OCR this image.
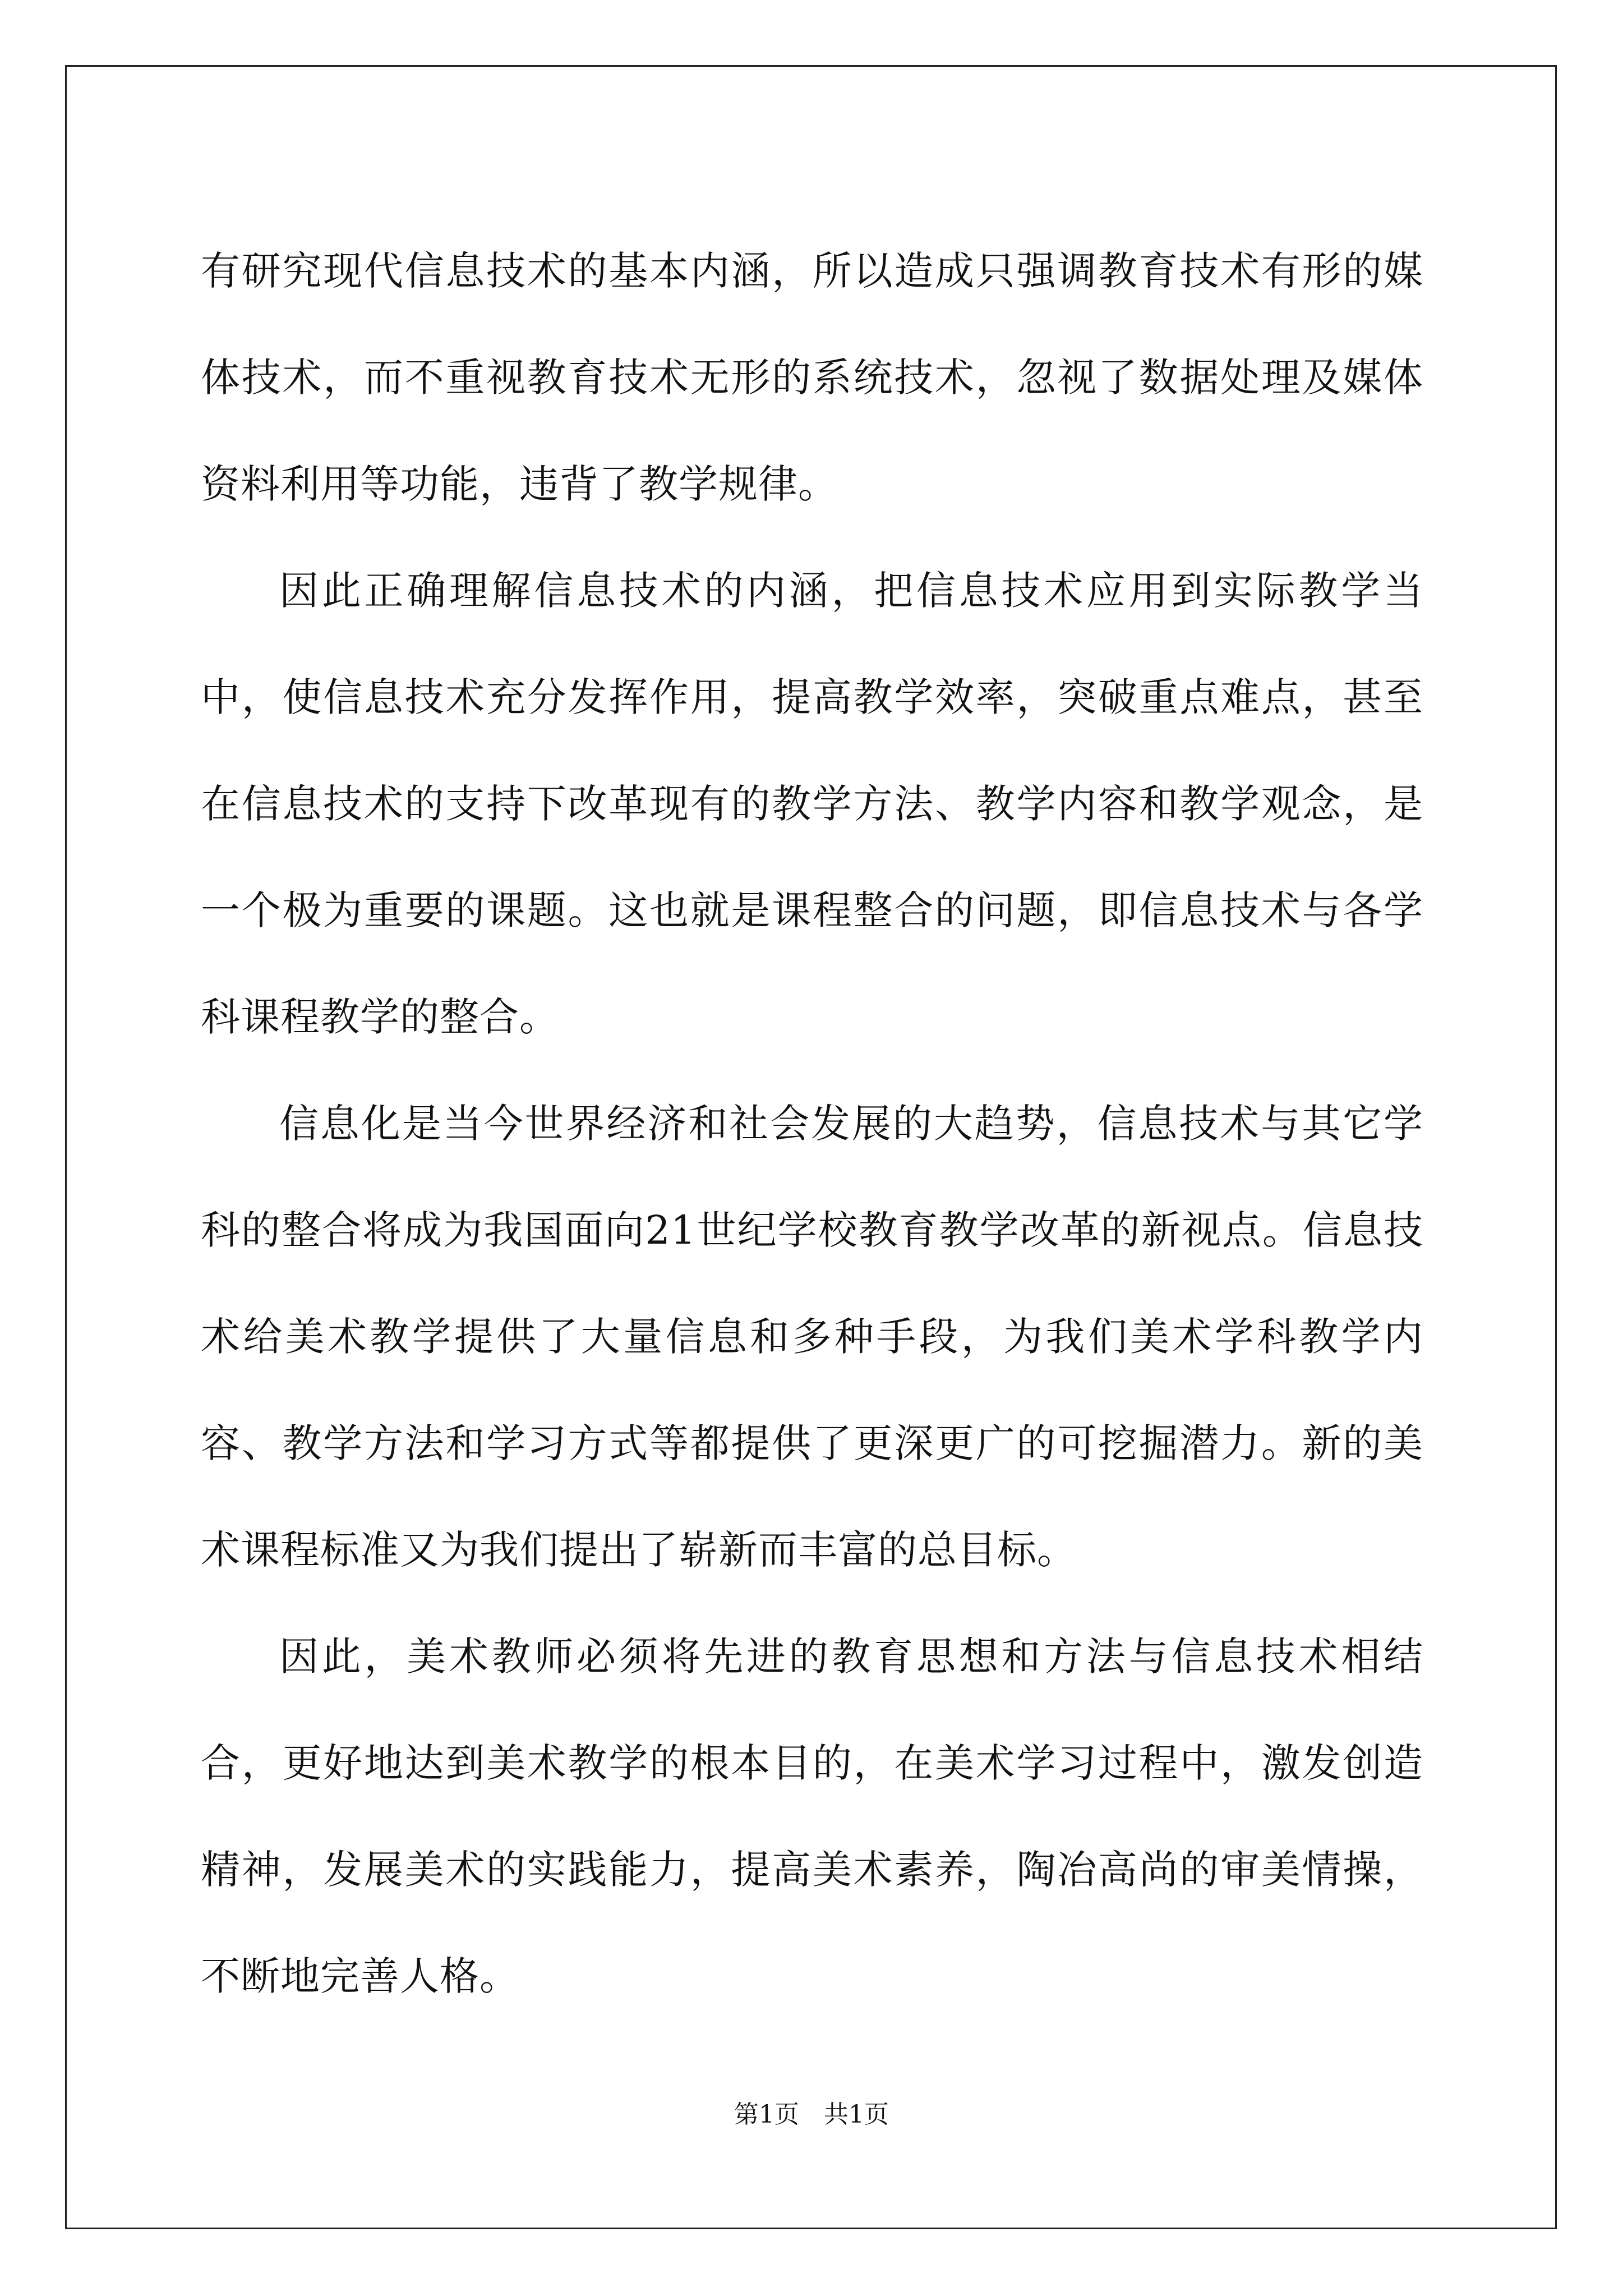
有研究现代信息技术的基本内涵，所以造成只强调教育技术有形的媒体技术，而不重视教育技术无形的系统技术，忽视了数据处理及媒体资料利用等功能，违背了教学规律。

因此正确理解信息技术的内涵，把信息技术应用到实际教学当中，使信息技术充分发挥作用，提高教学效率，突破重点难点，甚至在信息技术的支持下改革现有的教学方法、教学内容和教学观念，是一个极为重要的课题。这也就是课程整合的问题，即信息技术与各学科课程教学的整合。

信息化是当今世界经济和社会发展的大趋势，信息技术与其它学科的整合将成为我国面向21世纪学校教育教学改革的新视点。信息技术给美术教学提供了大量信息和多种手段，为我们美术学科教学内容、教学方法和学习方式等都提供了更深更广的可挖掘潜力。新的美术课程标准又为我们提出了崭新而丰富的总目标。

因此，美术教师必须将先进的教育思想和方法与信息技术相结合，更好地达到美术教学的根本目的，在美术学习过程中，激发创造精神，发展美术的实践能力，提高美术素养，陶冶高尚的审美情操，不断地完善人格。

第1页　共1页
